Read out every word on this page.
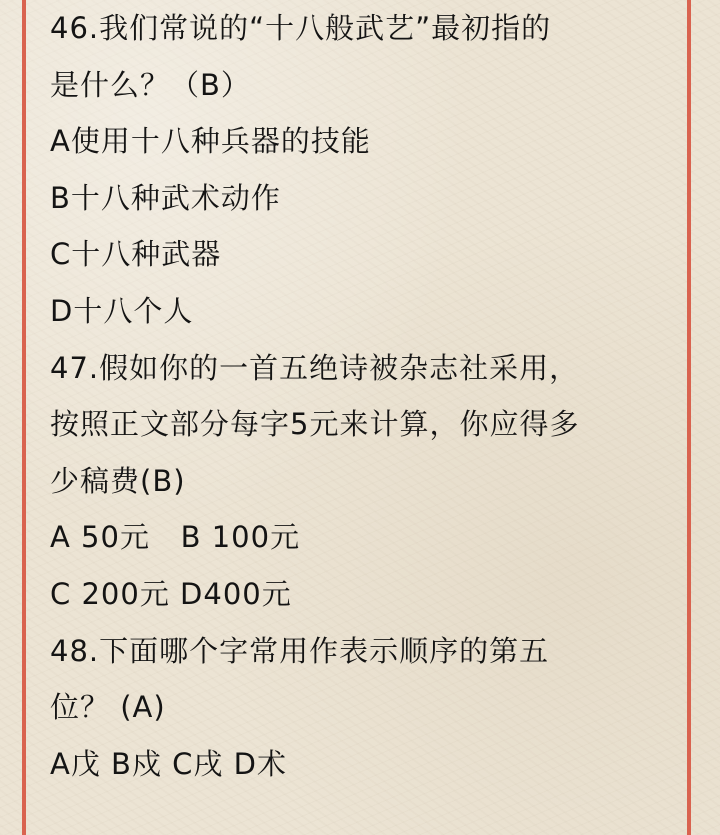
46.我们常说的“十八般武艺”最初指的
是什么？（B）
A使用十八种兵器的技能
B十八种武术动作
C十八种武器
D十八个人
47.假如你的一首五绝诗被杂志社采用，
按照正文部分每字5元来计算，你应得多
少稿费(B)
A 50元   B 100元
C 200元 D400元
48.下面哪个字常用作表示顺序的第五
位？ (A)
A戊 B戍 C戌 D术
